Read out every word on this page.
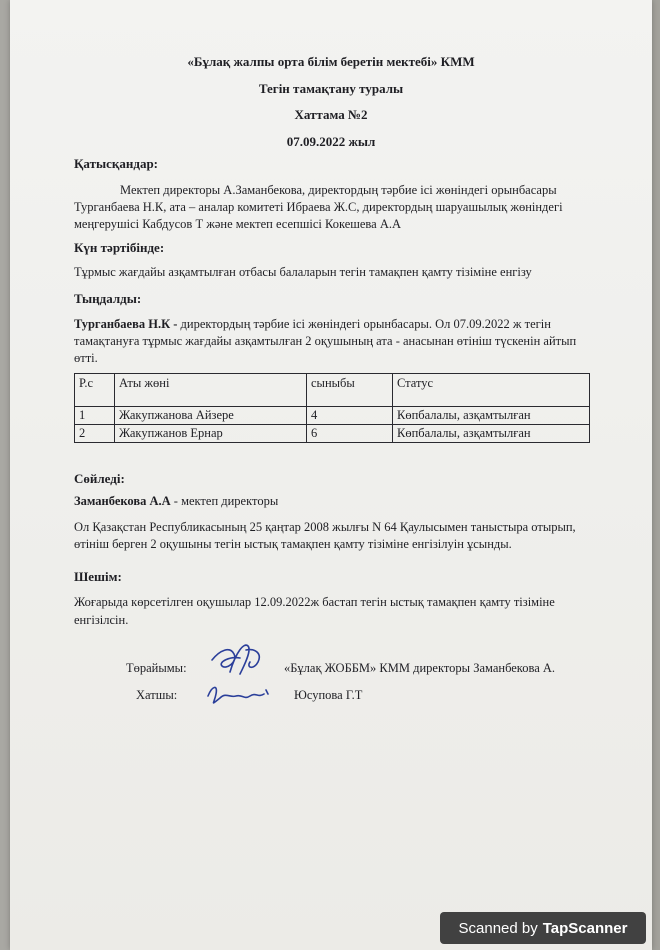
«Бұлақ жалпы орта білім беретін мектебі» КММ
Тегін тамақтану туралы
Хаттама №2
07.09.2022 жыл
Қатысқандар:
Мектеп директоры А.Заманбекова, директордың тәрбие ісі жөніндегі орынбасары
Турганбаева Н.К, ата – аналар комитеті Ибраева Ж.С, директордың шаруашылық жөніндегі
меңгерушісі Кабдусов Т және мектеп есепшісі Кокешева А.А
Күн тәртібінде:
Тұрмыс жағдайы азқамтылған отбасы балаларын тегін тамақпен қамту тізіміне енгізу
Тыңдалды:
Турганбаева Н.К - директордың тәрбие ісі жөніндегі орынбасары. Ол 07.09.2022 ж тегін
тамақтануға тұрмыс жағдайы азқамтылған 2 оқушының ата - анасынан өтініш түскенін айтып
өтті.
Р.с	Аты жөні	сыныбы	Статус
1	Жакупжанова Айзере	4	Көпбалалы, азқамтылған
2	Жакупжанов Ернар	6	Көпбалалы, азқамтылған
Сөйледі:
Заманбекова А.А - мектеп директоры
Ол Қазақстан Республикасының 25 қаңтар 2008 жылғы N 64 Қаулысымен таныстыра отырып,
өтініш берген 2 оқушыны тегін ыстық тамақпен қамту тізіміне енгізілуін ұсынды.
Шешім:
Жоғарыда көрсетілген оқушылар 12.09.2022ж бастап тегін ыстық тамақпен қамту тізіміне
енгізілсін.
Төрайымы:	«Бұлақ ЖОББМ» КММ директоры Заманбекова А.
Хатшы:	Юсупова Г.Т
Scanned by TapScanner
